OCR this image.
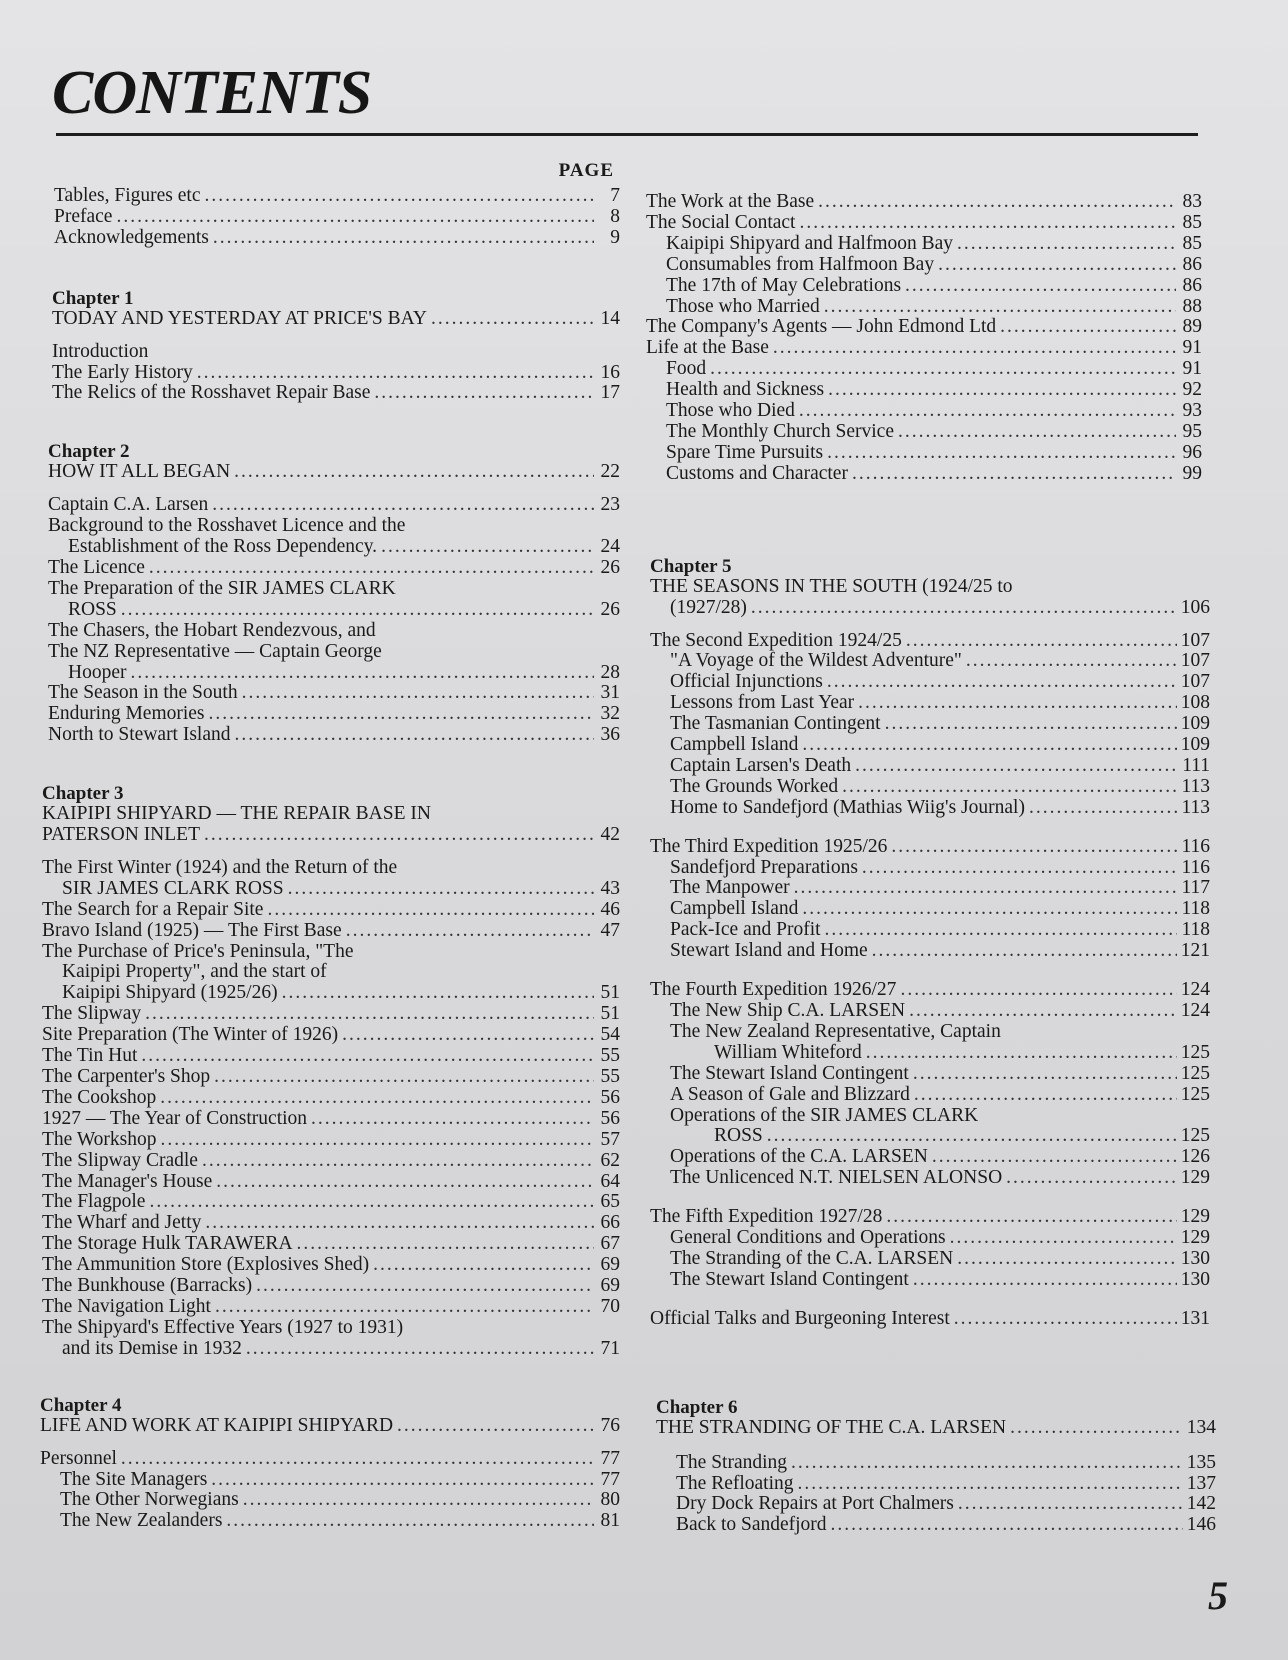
CONTENTS
PAGE
Tables, Figures etc .....	7
Preface .....	8
Acknowledgements .....	9
Chapter 1
TODAY AND YESTERDAY AT PRICE'S BAY .....	14
Introduction
The Early History .....	16
The Relics of the Rosshavet Repair Base .....	17
Chapter 2
HOW IT ALL BEGAN .....	22
Captain C.A. Larsen .....	23
Background to the Rosshavet Licence and the
Establishment of the Ross Dependency. .....	24
The Licence .....	26
The Preparation of the SIR JAMES CLARK
ROSS .....	26
The Chasers, the Hobart Rendezvous, and
The NZ Representative — Captain George
Hooper .....	28
The Season in the South .....	31
Enduring Memories .....	32
North to Stewart Island .....	36
Chapter 3
KAIPIPI SHIPYARD — THE REPAIR BASE IN
PATERSON INLET .....	42
The First Winter (1924) and the Return of the
SIR JAMES CLARK ROSS .....	43
The Search for a Repair Site .....	46
Bravo Island (1925) — The First Base .....	47
The Purchase of Price's Peninsula, "The
Kaipipi Property", and the start of
Kaipipi Shipyard (1925/26) .....	51
The Slipway .....	51
Site Preparation (The Winter of 1926) .....	54
The Tin Hut .....	55
The Carpenter's Shop .....	55
The Cookshop .....	56
1927 — The Year of Construction .....	56
The Workshop .....	57
The Slipway Cradle .....	62
The Manager's House .....	64
The Flagpole .....	65
The Wharf and Jetty .....	66
The Storage Hulk TARAWERA .....	67
The Ammunition Store (Explosives Shed) .....	69
The Bunkhouse (Barracks) .....	69
The Navigation Light .....	70
The Shipyard's Effective Years (1927 to 1931)
and its Demise in 1932 .....	71
Chapter 4
LIFE AND WORK AT KAIPIPI SHIPYARD .....	76
Personnel .....	77
The Site Managers .....	77
The Other Norwegians .....	80
The New Zealanders .....	81
The Work at the Base .....	83
The Social Contact .....	85
Kaipipi Shipyard and Halfmoon Bay .....	85
Consumables from Halfmoon Bay .....	86
The 17th of May Celebrations .....	86
Those who Married .....	88
The Company's Agents — John Edmond Ltd .....	89
Life at the Base .....	91
Food .....	91
Health and Sickness .....	92
Those who Died .....	93
The Monthly Church Service .....	95
Spare Time Pursuits .....	96
Customs and Character .....	99
Chapter 5
THE SEASONS IN THE SOUTH (1924/25 to
(1927/28) .....	106
The Second Expedition 1924/25 .....	107
"A Voyage of the Wildest Adventure" .....	107
Official Injunctions .....	107
Lessons from Last Year .....	108
The Tasmanian Contingent .....	109
Campbell Island .....	109
Captain Larsen's Death .....	111
The Grounds Worked .....	113
Home to Sandefjord (Mathias Wiig's Journal) .....	113
The Third Expedition 1925/26 .....	116
Sandefjord Preparations .....	116
The Manpower .....	117
Campbell Island .....	118
Pack-Ice and Profit .....	118
Stewart Island and Home .....	121
The Fourth Expedition 1926/27 .....	124
The New Ship C.A. LARSEN .....	124
The New Zealand Representative, Captain
William Whiteford .....	125
The Stewart Island Contingent .....	125
A Season of Gale and Blizzard .....	125
Operations of the SIR JAMES CLARK
ROSS .....	125
Operations of the C.A. LARSEN .....	126
The Unlicenced N.T. NIELSEN ALONSO .....	129
The Fifth Expedition 1927/28 .....	129
General Conditions and Operations .....	129
The Stranding of the C.A. LARSEN .....	130
The Stewart Island Contingent .....	130
Official Talks and Burgeoning Interest .....	131
Chapter 6
THE STRANDING OF THE C.A. LARSEN .....	134
The Stranding .....	135
The Refloating .....	137
Dry Dock Repairs at Port Chalmers .....	142
Back to Sandefjord .....	146
5
